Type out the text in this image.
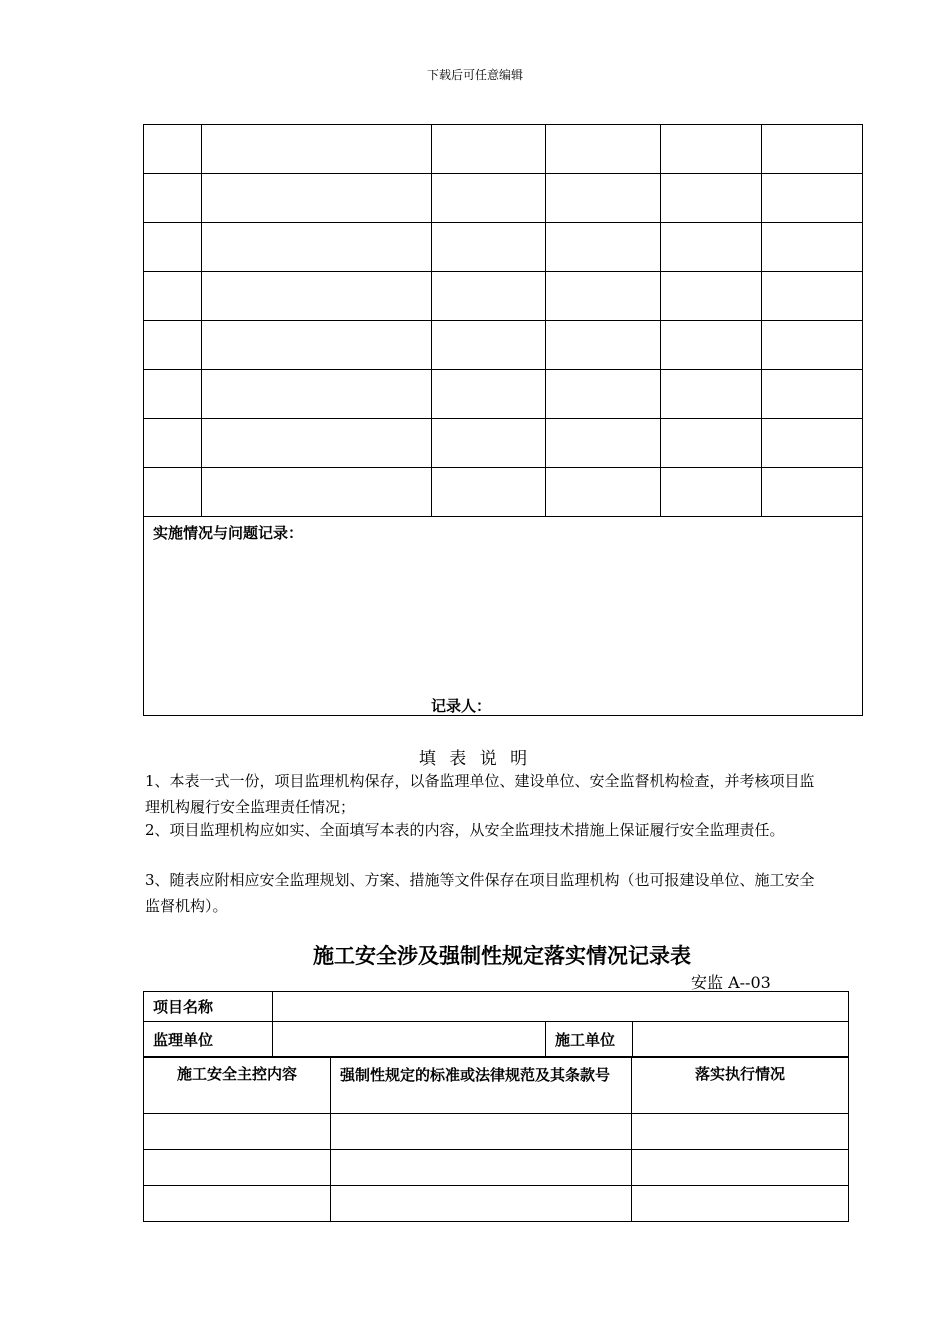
下载后可任意编辑

实施情况与问题记录：
记录人：					
填 表 说 明
1、本表一式一份，项目监理机构保存，以备监理单位、建设单位、安全监督机构检查，并考核项目监理机构履行安全监理责任情况；
2、项目监理机构应如实、全面填写本表的内容，从安全监理技术措施上保证履行安全监理责任。
3、随表应附相应安全监理规划、方案、措施等文件保存在项目监理机构（也可报建设单位、施工安全监督机构）。
施工安全涉及强制性规定落实情况记录表
安监 A--03
项目名称			
监理单位		施工单位	
施工安全主控内容	强制性规定的标准或法律规范及其条款号	落实执行情况
